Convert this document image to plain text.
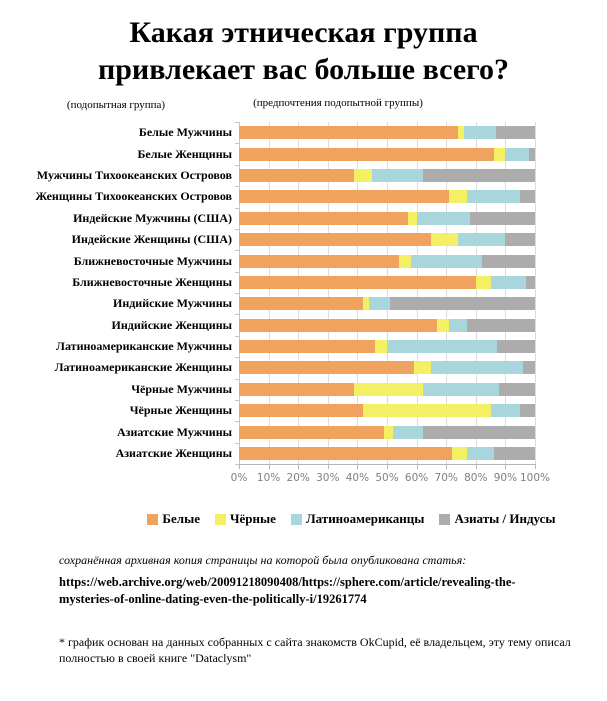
Какая этническая группа
привлекает вас больше всего?
(подопытная группа)	(предпочтения подопытной группы)
Белые Мужчины
Белые Женщины
Мужчины Тихоокеанских Островов
Женщины Тихоокеанских Островов
Индейские Мужчины (США)
Индейские Женщины (США)
Ближневосточные Мужчины
Ближневосточные Женщины
Индийские Мужчины
Индийские Женщины
Латиноамериканские Мужчины
Латиноамериканские Женщины
Чёрные Мужчины
Чёрные Женщины
Азиатские Мужчины
Азиатские Женщины
0% 10% 20% 30% 40% 50% 60% 70% 80% 90% 100%
Белые Чёрные Латиноамериканцы Азиаты / Индусы

сохранённая архивная копия страницы на которой была опубликована статья:

https://web.archive.org/web/20091218090408/https://sphere.com/article/revealing-the-
mysteries-of-online-dating-even-the-politically-i/19261774

* график основан на данных собранных с сайта знакомств OkCupid, её владельцем, эту тему описал полностью в своей книге "Dataclysm"
